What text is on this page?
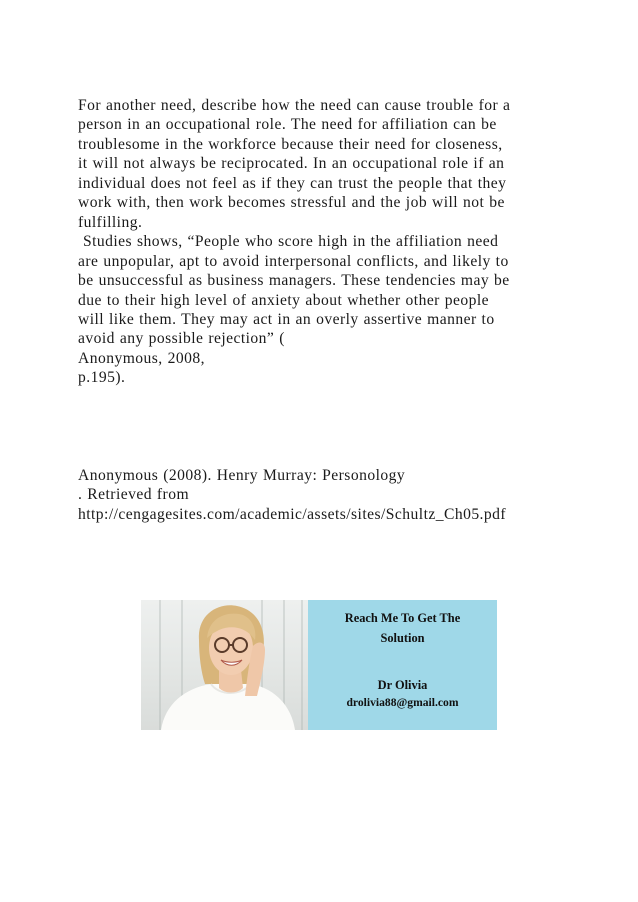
For another need, describe how the need can cause trouble for a
person in an occupational role. The need for affiliation can be
troublesome in the workforce because their need for closeness,
it will not always be reciprocated. In an occupational role if an
individual does not feel as if they can trust the people that they
work with, then work becomes stressful and the job will not be
fulfilling.
Studies shows, “People who score high in the affiliation need
are unpopular, apt to avoid interpersonal conflicts, and likely to
be unsuccessful as business managers. These tendencies may be
due to their high level of anxiety about whether other people
will like them. They may act in an overly assertive manner to
avoid any possible rejection” (
Anonymous, 2008,
p.195).
Anonymous (2008). Henry Murray: Personology
. Retrieved from
http://cengagesites.com/academic/assets/sites/Schultz_Ch05.pdf
Reach Me To Get The
Solution
Dr Olivia
drolivia88@gmail.com
